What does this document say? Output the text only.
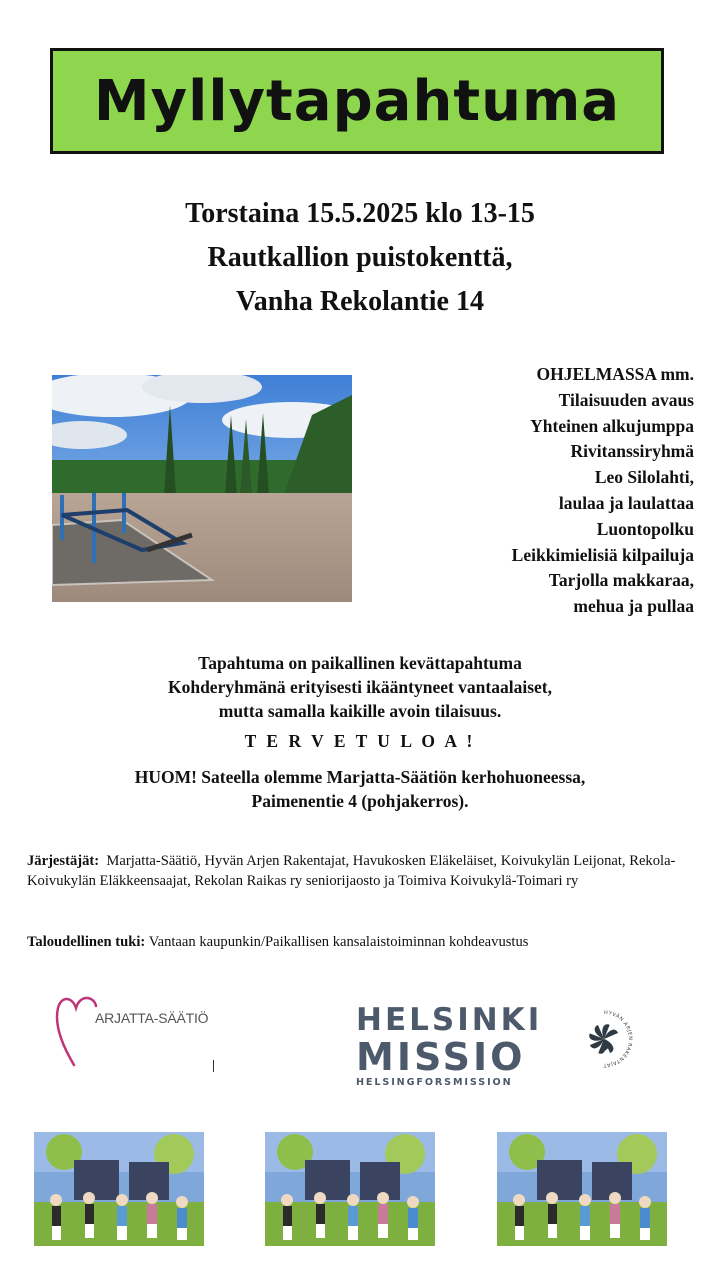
Myllytapahtuma
Torstaina 15.5.2025 klo 13-15
Rautkallion puistokenttä,
Vanha Rekolantie 14
OHJELMASSA mm.
Tilaisuuden avaus
Yhteinen alkujumppa
Rivitanssiryhmä
Leo Silolahti,
laulaa ja laulattaa
Luontopolku
Leikkimielisiä kilpailuja
Tarjolla makkaraa,
mehua ja pullaa
Tapahtuma on paikallinen kevättapahtuma
Kohderyhmänä erityisesti ikääntyneet vantaalaiset,
mutta samalla kaikille avoin tilaisuus.
T E R V E T U L O A !
HUOM! Sateella olemme Marjatta-Säätiön kerhohuoneessa,
Paimenentie 4 (pohjakerros).
Järjestäjät: Marjatta-Säätiö, Hyvän Arjen Rakentajat, Havukosken Eläkeläiset, Koivukylän Leijonat, Rekola-Koivukylän Eläkkeensaajat, Rekolan Raikas ry seniorijaosto ja Toimiva Koivukylä-Toimari ry
Taloudellinen tuki: Vantaan kaupunkin/Paikallisen kansalaistoiminnan kohdeavustus
ARJATTA-SÄÄTIÖ	HELSINKI
MISSIO
HELSINGFORSMISSION
HYVÄN ARJEN RAKENTAJAT
